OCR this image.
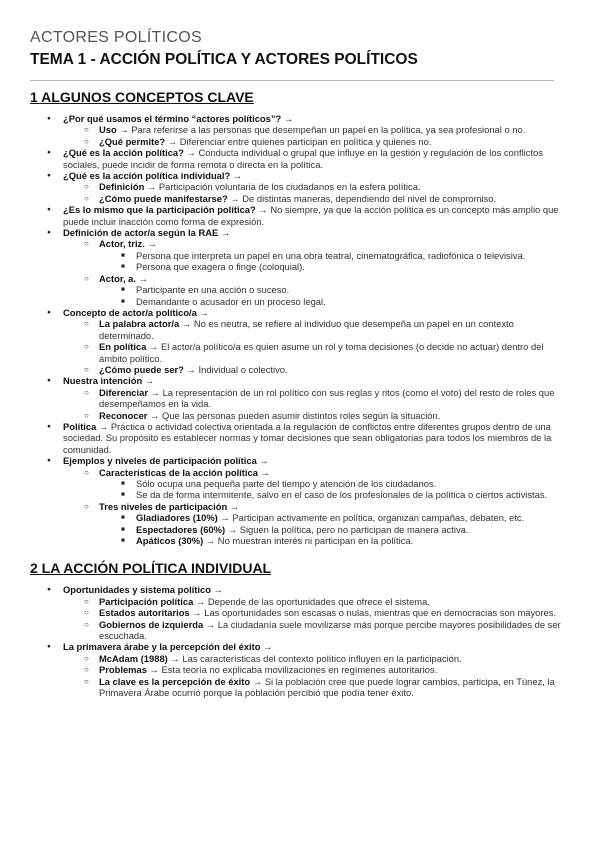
ACTORES POLÍTICOS
TEMA 1 - ACCIÓN POLÍTICA Y ACTORES POLÍTICOS
1 ALGUNOS CONCEPTOS CLAVE
● ¿Por qué usamos el término “actores políticos”? →
○ Uso → Para referirse a las personas que desempeñan un papel en la política, ya sea profesional o no.
○ ¿Qué permite? → Diferenciar entre quienes participan en política y quienes no.
● ¿Qué es la acción política? → Conducta individual o grupal que influye en la gestión y regulación de los conflictos sociales, puede incidir de forma remota o directa en la política.
● ¿Qué es la acción política individual? →
○ Definición → Participación voluntaria de los ciudadanos en la esfera política.
○ ¿Cómo puede manifestarse? → De distintas maneras, dependiendo del nivel de compromiso.
● ¿Es lo mismo que la participación política? → No siempre, ya que la acción política es un concepto más amplio que puede incluir inacción como forma de expresión.
● Definición de actor/a según la RAE →
○ Actor, triz. →
■ Persona que interpreta un papel en una obra teatral, cinematográfica, radiofónica o televisiva.
■ Persona que exagera o finge (coloquial).
○ Actor, a. →
■ Participante en una acción o suceso.
■ Demandante o acusador en un proceso legal.
● Concepto de actor/a político/a →
○ La palabra actor/a → No es neutra, se refiere al individuo que desempeña un papel en un contexto determinado.
○ En política → El actor/a político/a es quien asume un rol y toma decisiones (o decide no actuar) dentro del ámbito político.
○ ¿Cómo puede ser? → Individual o colectivo.
● Nuestra intención →
○ Diferenciar → La representación de un rol político con sus reglas y ritos (como el voto) del resto de roles que desempeñamos en la vida.
○ Reconocer → Que las personas pueden asumir distintos roles según la situación.
● Política → Práctica o actividad colectiva orientada a la regulación de conflictos entre diferentes grupos dentro de una sociedad. Su propósito es establecer normas y tomar decisiones que sean obligatorias para todos los miembros de la comunidad.
● Ejemplos y niveles de participación política →
○ Características de la acción política →
■ Sólo ocupa una pequeña parte del tiempo y atención de los ciudadanos.
■ Se da de forma intermitente, salvo en el caso de los profesionales de la política o ciertos activistas.
○ Tres niveles de participación →
■ Gladiadores (10%) → Participan activamente en política, organizan campañas, debaten, etc.
■ Espectadores (60%) → Siguen la política, pero no participan de manera activa.
■ Apáticos (30%) → No muestran interés ni participan en la política.
2 LA ACCIÓN POLÍTICA INDIVIDUAL
● Oportunidades y sistema político →
○ Participación política → Depende de las oportunidades que ofrece el sistema.
○ Estados autoritarios → Las oportunidades son escasas o nulas, mientras que en democracias son mayores.
○ Gobiernos de izquierda → La ciudadanía suele movilizarse más porque percibe mayores posibilidades de ser escuchada.
● La primavera árabe y la percepción del éxito →
○ McAdam (1988) → Las características del contexto político influyen en la participación.
○ Problemas → Esta teoría no explicaba movilizaciones en regímenes autoritarios.
○ La clave es la percepción de éxito → Si la población cree que puede lograr cambios, participa, en Túnez, la Primavera Árabe ocurrió porque la población percibió que podía tener éxito.
